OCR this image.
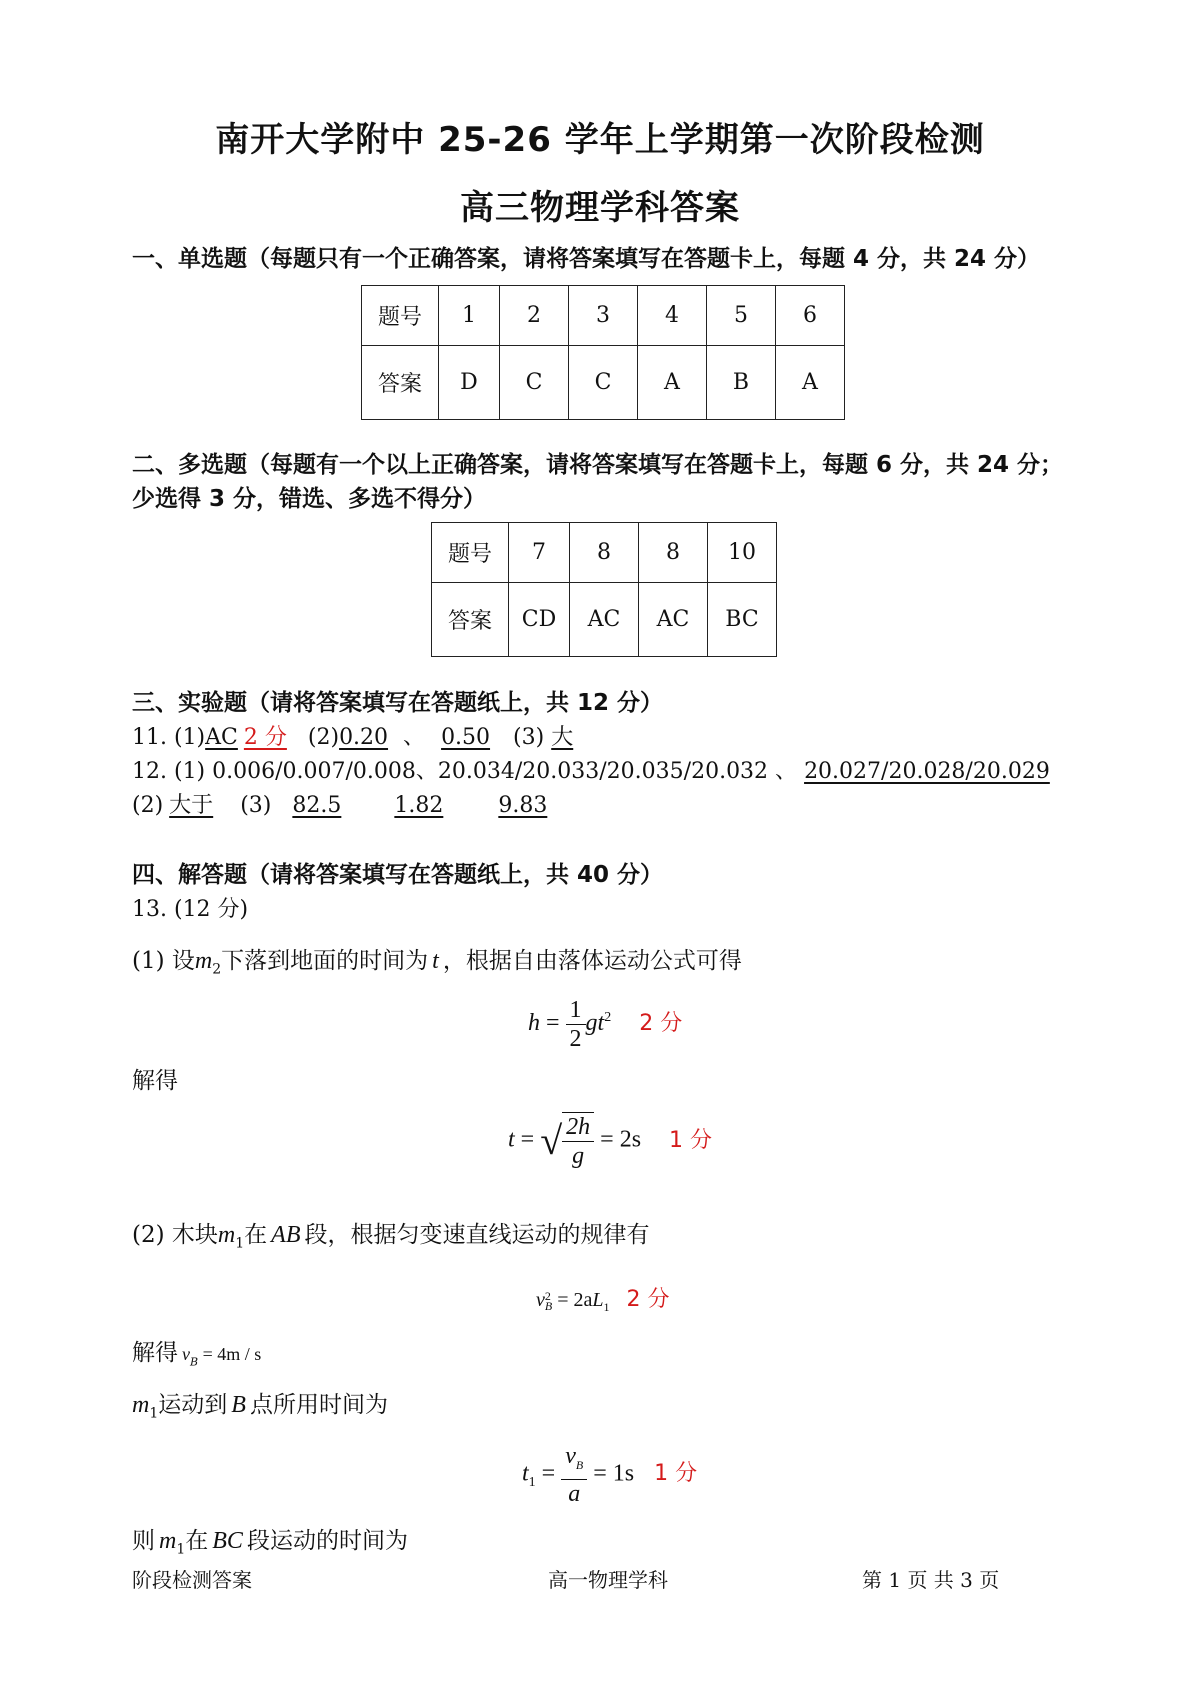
南开大学附中 25-26 学年上学期第一次阶段检测
高三物理学科答案
一、单选题（每题只有一个正确答案，请将答案填写在答题卡上，每题 4 分，共 24 分）
题号	1	2	3	4	5	6
答案	D	C	C	A	B	A
二、多选题（每题有一个以上正确答案，请将答案填写在答题卡上，每题 6 分，共 24 分；
少选得 3 分，错选、多选不得分）
题号	7	8	8	10
答案	CD	AC	AC	BC
三、实验题（请将答案填写在答题纸上，共 12 分）
11. (1)AC 2 分 (2)0.20 、 0.50 (3) 大
12. (1) 0.006/0.007/0.008、20.034/20.033/20.035/20.032 、 20.027/20.028/20.029
(2) 大于 (3) 82.5 1.82	9.83
四、解答题（请将答案填写在答题纸上，共 40 分）
13. (12 分)
(1) 设$m_2$下落到地面的时间为 t ，根据自由落体运动公式可得
$h = \frac{1}{2} gt^2$ 2 分
解得
t = √ $\frac{2h}{g} = 2s$ 1 分
(2) 木块$m_1$在 AB 段，根据匀变速直线运动的规律有
v 2
$B = 2aL_1$ 2 分
解得 $v_B = 4m / s$
$m_1$运动到 B 点所用时间为
$t_1 = \frac{v_B}{a} = 1s$ 1 分
则 $m_1$在 BC 段运动的时间为
阶段检测答案	高一物理学科	第 1 页 共 3 页
